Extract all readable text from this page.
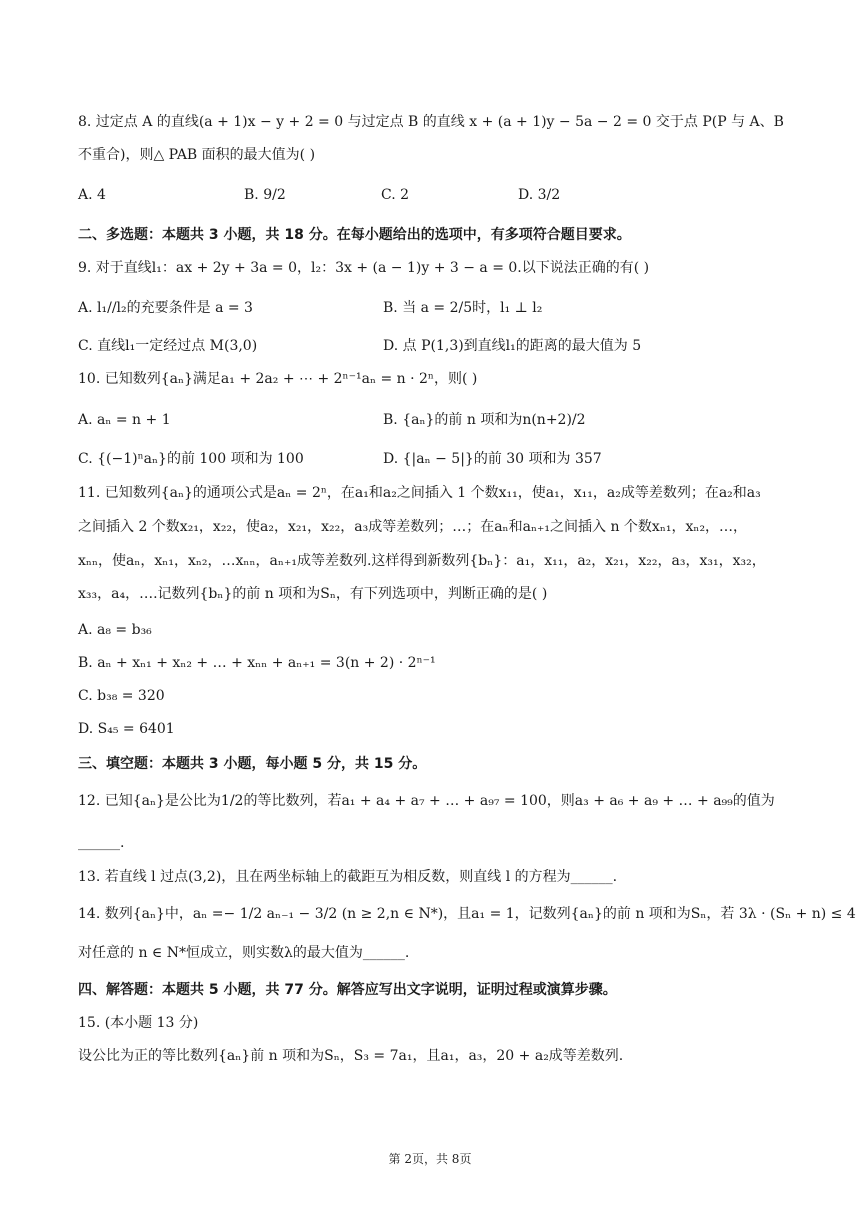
8. 过定点 A 的直线(a + 1)x − y + 2 = 0 与过定点 B 的直线 x + (a + 1)y − 5a − 2 = 0 交于点 P(P 与 A、B
不重合)，则△ PAB 面积的最大值为( )
A. 4	B. 9/2	C. 2	D. 3/2
二、多选题：本题共 3 小题，共 18 分。在每小题给出的选项中，有多项符合题目要求。
9. 对于直线l₁：ax + 2y + 3a = 0，l₂：3x + (a − 1)y + 3 − a = 0.以下说法正确的有( )
A. l₁//l₂的充要条件是 a = 3	B. 当 a = 2/5时，l₁ ⊥ l₂
C. 直线l₁一定经过点 M(3,0)	D. 点 P(1,3)到直线l₁的距离的最大值为 5
10. 已知数列{aₙ}满足a₁ + 2a₂ + ⋯ + 2ⁿ⁻¹aₙ = n · 2ⁿ，则( )
A. aₙ = n + 1	B. {aₙ}的前 n 项和为n(n+2)/2
C. {(−1)ⁿaₙ}的前 100 项和为 100	D. {|aₙ − 5|}的前 30 项和为 357
11. 已知数列{aₙ}的通项公式是aₙ = 2ⁿ，在a₁和a₂之间插入 1 个数x₁₁，使a₁，x₁₁，a₂成等差数列；在a₂和a₃
之间插入 2 个数x₂₁，x₂₂，使a₂，x₂₁，x₂₂，a₃成等差数列；…；在aₙ和aₙ₊₁之间插入 n 个数xₙ₁，xₙ₂，…，
xₙₙ，使aₙ，xₙ₁，xₙ₂，…xₙₙ，aₙ₊₁成等差数列.这样得到新数列{bₙ}：a₁，x₁₁，a₂，x₂₁，x₂₂，a₃，x₃₁，x₃₂，
x₃₃，a₄，….记数列{bₙ}的前 n 项和为Sₙ，有下列选项中，判断正确的是( )
A. a₈ = b₃₆
B. aₙ + xₙ₁ + xₙ₂ + … + xₙₙ + aₙ₊₁ = 3(n + 2) · 2ⁿ⁻¹
C. b₃₈ = 320
D. S₄₅ = 6401
三、填空题：本题共 3 小题，每小题 5 分，共 15 分。
12. 已知{aₙ}是公比为1/2的等比数列，若a₁ + a₄ + a₇ + … + a₉₇ = 100，则a₃ + a₆ + a₉ + … + a₉₉的值为
______.
13. 若直线 l 过点(3,2)，且在两坐标轴上的截距互为相反数，则直线 l 的方程为______.
14. 数列{aₙ}中，aₙ =− 1/2 aₙ₋₁ − 3/2 (n ≥ 2,n ∈ N*)，且a₁ = 1，记数列{aₙ}的前 n 项和为Sₙ，若 3λ · (Sₙ + n) ≤ 4
对任意的 n ∈ N*恒成立，则实数λ的最大值为______.
四、解答题：本题共 5 小题，共 77 分。解答应写出文字说明，证明过程或演算步骤。
15. (本小题 13 分)
设公比为正的等比数列{aₙ}前 n 项和为Sₙ，S₃ = 7a₁，且a₁，a₃，20 + a₂成等差数列.
第 2页，共 8页
